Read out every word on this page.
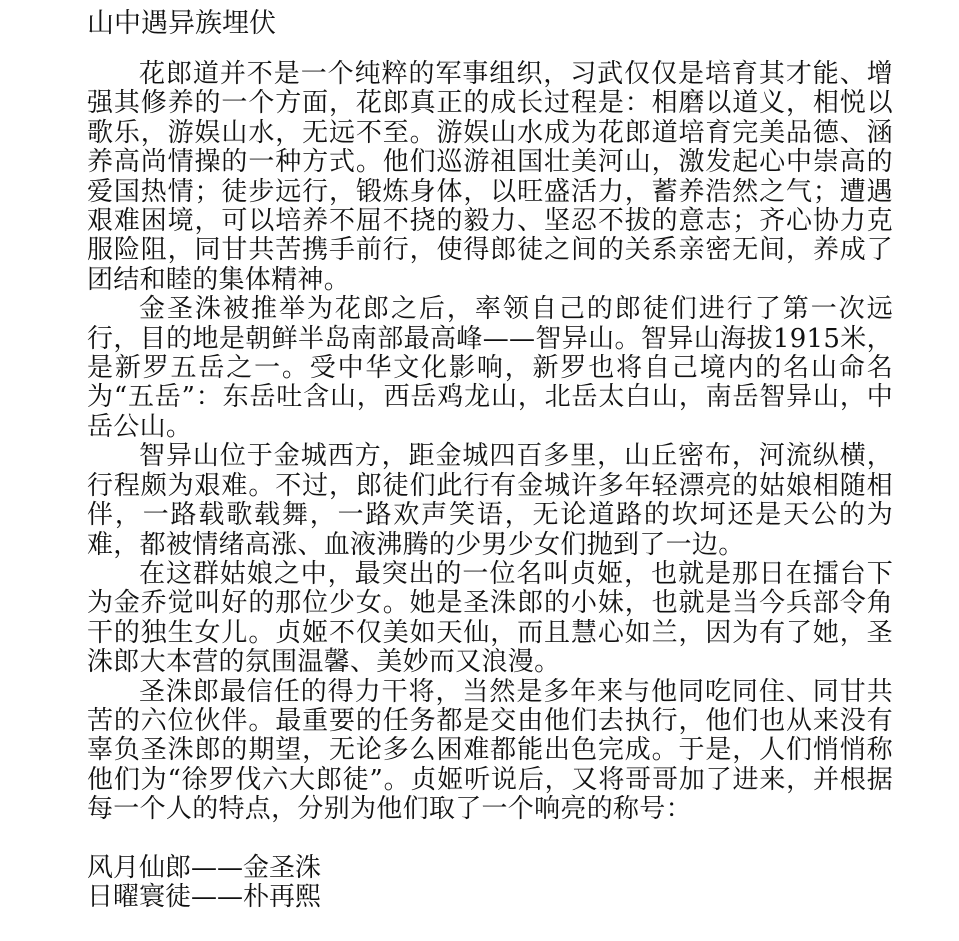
山中遇异族埋伏

花郎道并不是一个纯粹的军事组织，习武仅仅是培育其才能、增强其修养的一个方面，花郎真正的成长过程是：相磨以道义，相悦以歌乐，游娱山水，无远不至。游娱山水成为花郎道培育完美品德、涵养高尚情操的一种方式。他们巡游祖国壮美河山，激发起心中崇高的爱国热情；徒步远行，锻炼身体，以旺盛活力，蓄养浩然之气；遭遇艰难困境，可以培养不屈不挠的毅力、坚忍不拔的意志；齐心协力克服险阻，同甘共苦携手前行，使得郎徒之间的关系亲密无间，养成了团结和睦的集体精神。

金圣洙被推举为花郎之后，率领自己的郎徒们进行了第一次远行，目的地是朝鲜半岛南部最高峰——智异山。智异山海拔1915米，是新罗五岳之一。受中华文化影响，新罗也将自己境内的名山命名为“五岳”：东岳吐含山，西岳鸡龙山，北岳太白山，南岳智异山，中岳公山。

智异山位于金城西方，距金城四百多里，山丘密布，河流纵横，行程颇为艰难。不过，郎徒们此行有金城许多年轻漂亮的姑娘相随相伴，一路载歌载舞，一路欢声笑语，无论道路的坎坷还是天公的为难，都被情绪高涨、血液沸腾的少男少女们抛到了一边。

在这群姑娘之中，最突出的一位名叫贞姬，也就是那日在擂台下为金乔觉叫好的那位少女。她是圣洙郎的小妹，也就是当今兵部令角干的独生女儿。贞姬不仅美如天仙，而且慧心如兰，因为有了她，圣洙郎大本营的氛围温馨、美妙而又浪漫。

圣洙郎最信任的得力干将，当然是多年来与他同吃同住、同甘共苦的六位伙伴。最重要的任务都是交由他们去执行，他们也从来没有辜负圣洙郎的期望，无论多么困难都能出色完成。于是，人们悄悄称他们为“徐罗伐六大郎徒”。贞姬听说后，又将哥哥加了进来，并根据每一个人的特点，分别为他们取了一个响亮的称号：

风月仙郎——金圣洙

日曜寰徒——朴再熙
